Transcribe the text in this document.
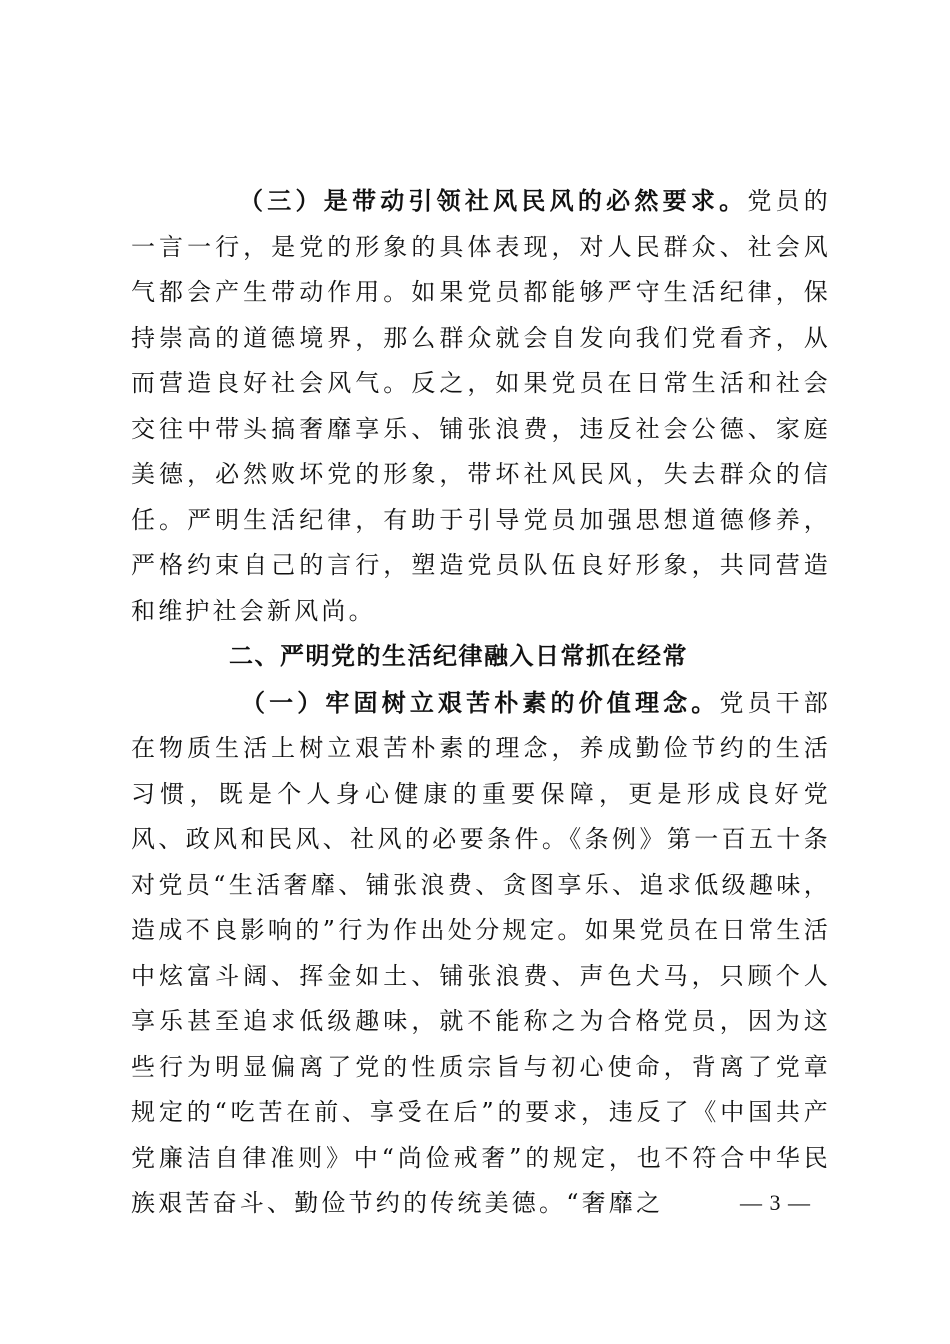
（三）是带动引领社风民风的必然要求。党员的一言一行，是党的形象的具体表现，对人民群众、社会风气都会产生带动作用。如果党员都能够严守生活纪律，保持崇高的道德境界，那么群众就会自发向我们党看齐，从而营造良好社会风气。反之，如果党员在日常生活和社会交往中带头搞奢靡享乐、铺张浪费，违反社会公德、家庭美德，必然败坏党的形象，带坏社风民风，失去群众的信任。严明生活纪律，有助于引导党员加强思想道德修养，严格约束自己的言行，塑造党员队伍良好形象，共同营造和维护社会新风尚。

二、严明党的生活纪律融入日常抓在经常

（一）牢固树立艰苦朴素的价值理念。党员干部在物质生活上树立艰苦朴素的理念，养成勤俭节约的生活习惯，既是个人身心健康的重要保障，更是形成良好党风、政风和民风、社风的必要条件。《条例》第一百五十条对党员“生活奢靡、铺张浪费、贪图享乐、追求低级趣味，造成不良影响的”行为作出处分规定。如果党员在日常生活中炫富斗阔、挥金如土、铺张浪费、声色犬马，只顾个人享乐甚至追求低级趣味，就不能称之为合格党员，因为这些行为明显偏离了党的性质宗旨与初心使命，背离了党章规定的“吃苦在前、享受在后”的要求，违反了《中国共产党廉洁自律准则》中“尚俭戒奢”的规定，也不符合中华民族艰苦奋斗、勤俭节约的传统美德。“奢靡之	— 3 —
